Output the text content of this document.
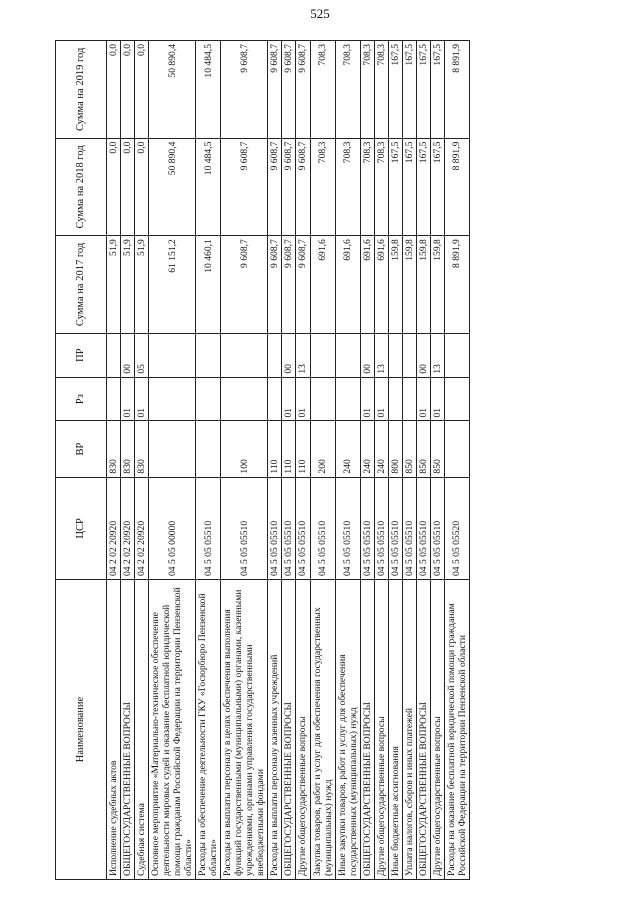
525
Наименование	ЦСР	ВР	Рз	ПР	Сумма на 2017 год	Сумма на 2018 год	Сумма на 2019 год
Исполнение судебных актов	04 2 02 20920	830			51,9	0,0	0,0
ОБЩЕГОСУДАРСТВЕННЫЕ ВОПРОСЫ	04 2 02 20920	830	01	00	51,9	0,0	0,0
Судебная система	04 2 02 20920	830	01	05	51,9	0,0	0,0
Основное мероприятие «Материально-техническое обеспечение деятельности мировых судей и оказание бесплатной юридической помощи гражданам Российской Федерации на территории Пензенской области»	04 5 05 00000				61 151,2	50 890,4	50 890,4
Расходы на обеспечение деятельности ГКУ «Госюрбюро Пензенской области»	04 5 05 05510				10 460,1	10 484,5	10 484,5
Расходы на выплаты персоналу в целях обеспечения выполнения функций государственными (муниципальными) органами, казенными учреждениями, органами управления государственными внебюджетными фондами	04 5 05 05510	100			9 608,7	9 608,7	9 608,7
Расходы на выплаты персоналу казенных учреждений	04 5 05 05510	110			9 608,7	9 608,7	9 608,7
ОБЩЕГОСУДАРСТВЕННЫЕ ВОПРОСЫ	04 5 05 05510	110	01	00	9 608,7	9 608,7	9 608,7
Другие общегосударственные вопросы	04 5 05 05510	110	01	13	9 608,7	9 608,7	9 608,7
Закупка товаров, работ и услуг для обеспечения государственных (муниципальных) нужд	04 5 05 05510	200			691,6	708,3	708,3
Иные закупки товаров, работ и услуг для обеспечения государственных (муниципальных) нужд	04 5 05 05510	240			691,6	708,3	708,3
ОБЩЕГОСУДАРСТВЕННЫЕ ВОПРОСЫ	04 5 05 05510	240	01	00	691,6	708,3	708,3
Другие общегосударственные вопросы	04 5 05 05510	240	01	13	691,6	708,3	708,3
Иные бюджетные ассигнования	04 5 05 05510	800			159,8	167,5	167,5
Уплата налогов, сборов и иных платежей	04 5 05 05510	850			159,8	167,5	167,5
ОБЩЕГОСУДАРСТВЕННЫЕ ВОПРОСЫ	04 5 05 05510	850	01	00	159,8	167,5	167,5
Другие общегосударственные вопросы	04 5 05 05510	850	01	13	159,8	167,5	167,5
Расходы на оказание бесплатной юридической помощи гражданам Российской Федерации на территории Пензенской области	04 5 05 05520				8 891,9	8 891,9	8 891,9
